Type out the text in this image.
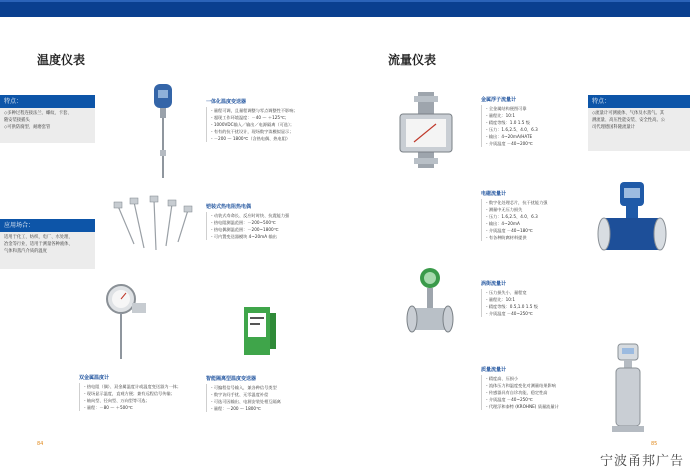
温度仪表
特点：
◇多种过程连接法兰、螺纹、卡套、
随安装接插头
◇可供防腐型、耐磨套管
应用场合：
适用于化工、纺织、电厂、水处理、
冶金等行业，适用于测量各种液体、
气体和蒸汽介质的温度
一体化温度变送器
- 量程可调，且量程调整与零点调整性不影响；
- 超现工作环境温度：－40 ～ ＋125℃；
- 1000VDC输入／输出／电源隔离（可选）；
- 有有的抗干扰设计，现场数字读模拟显示；
- －200 ～ 1800℃（含热电偶、热电阻）
铠装式热电阻热电偶
- 动装式寿命长、反应时时快、抗震能力强
- 热电阻测温范围：－200~500℃
- 热电偶测温范围：－200~1800℃
- 可内置变送器模块 4~20mA 输出
双金属温度计
- 热电阻（偶）、双金属温度计或温度变送器为一体；
- 现场显示温度，直观方便；兼有远程信号传输；
- 轴向型、径向型、万向型等可选；
- 量程：－80 ～ ＋500℃
智能隔离型温度变送器
- 可编程信号输入，兼各种信号类型
- 数字访问手扰、无零温度补偿
- 可选可因输出、电源安装处相互隔离
- 量程：－200 ～ 1800℃
84
流量仪表
特点：
◇流量计可测液体、气体及水蒸气。其
测流量、高压性能安装、安全性高。公
司代理德国科隆流量计
金属浮子流量计
- 全金属结构便图可靠
- 量程比：10:1
- 精度等级：1.0 1.5 级
- 压力：1.6,2.5、4.0、6.3
- 输出：4~20mA/HATE
- 介质温度 －40~200℃
电磁流量计
- 数字化处理芯片，抗干扰能力强
- 测量中无压力损失
- 压力：1.6,2.5、4.0、6.3
- 输出：4~20mA
- 介质温度 －40~180℃
- 有各种防腐材料提供
涡街流量计
- 压力损失小、量程宽
- 量程比：10:1
- 精度等级：0.5,1.0 1.5 级
- 介质温度 －40~250℃
质量流量计
- 精度高、压损小
- 流体压力和温度变化对测量结果影响
- 传感器具有自诊功能，稳定性高
- 介质温度 －40~250℃
- 代理浮和泰特 (KROHNE) 质量流量计
85
宁波甬邦广告
